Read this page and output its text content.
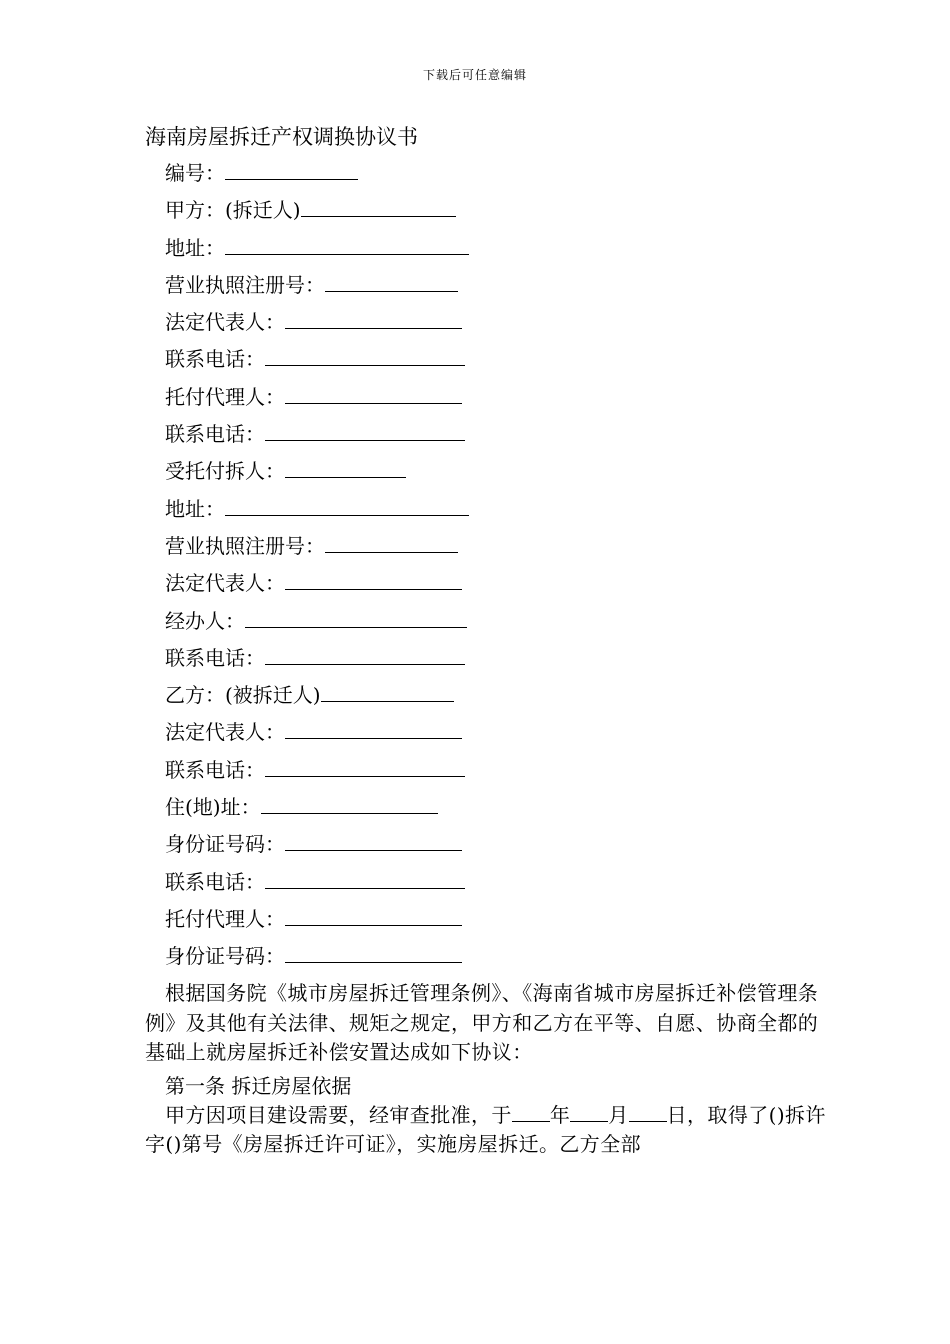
下载后可任意编辑
海南房屋拆迁产权调换协议书
编号：
甲方：(拆迁人)
地址：
营业执照注册号：
法定代表人：
联系电话：
托付代理人：
联系电话：
受托付拆人：
地址：
营业执照注册号：
法定代表人：
经办人：
联系电话：
乙方：(被拆迁人)
法定代表人：
联系电话：
住(地)址：
身份证号码：
联系电话：
托付代理人：
身份证号码：

根据国务院《城市房屋拆迁管理条例》、《海南省城市房屋拆迁补偿管理条例》及其他有关法律、规矩之规定，甲方和乙方在平等、自愿、协商全都的基础上就房屋拆迁补偿安置达成如下协议：

第一条 拆迁房屋依据

甲方因项目建设需要，经审查批准，于 年 月 日，取得了()拆许字()第号《房屋拆迁许可证》，实施房屋拆迁。乙方全部
